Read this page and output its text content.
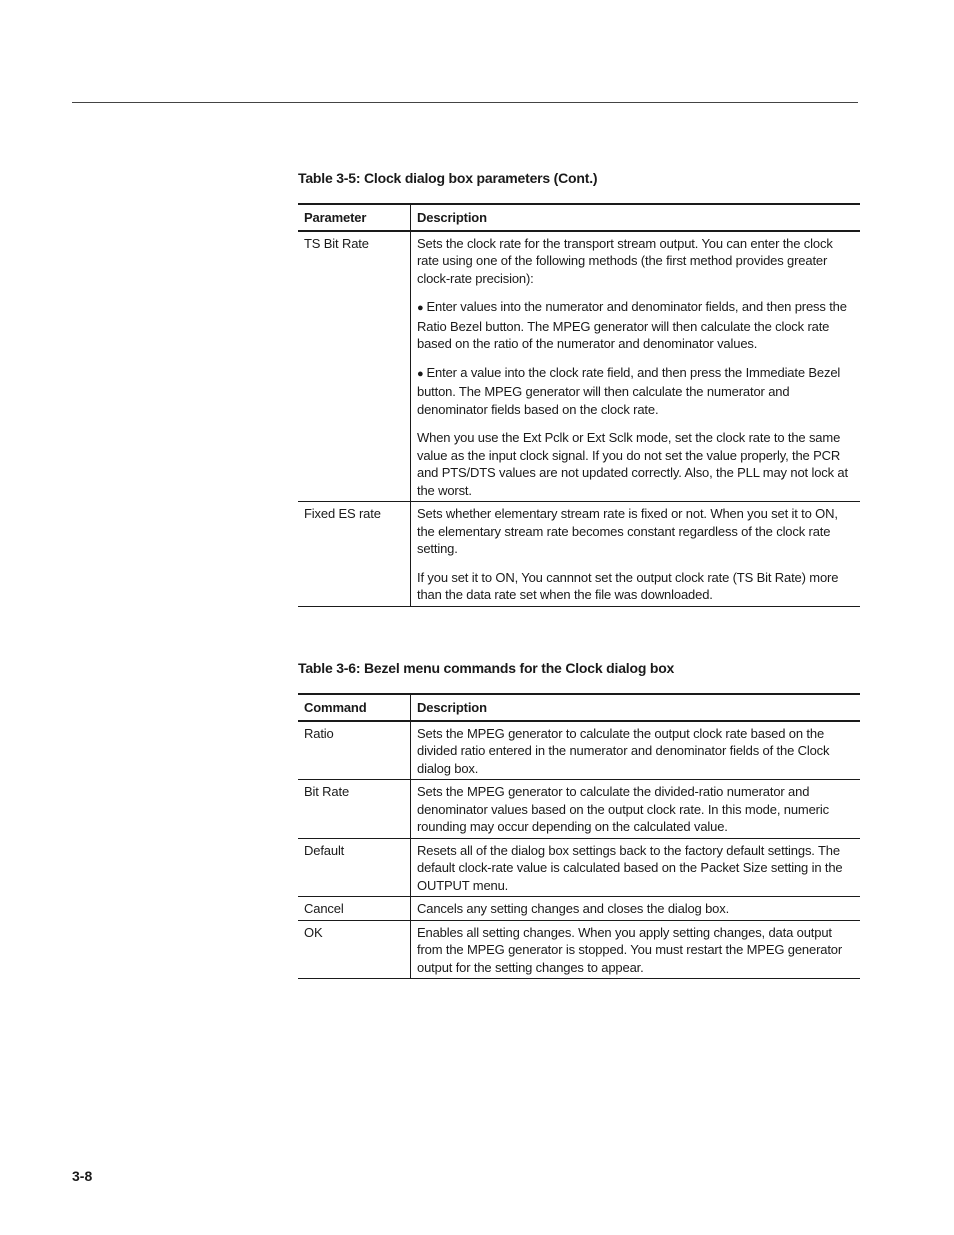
Table 3-5: Clock dialog box parameters (Cont.)
Parameter	Description
TS Bit Rate	Sets the clock rate for the transport stream output. You can enter the clock rate using one of the following methods (the first method provides greater clock-rate precision):

● Enter values into the numerator and denominator fields, and then press the Ratio Bezel button. The MPEG generator will then calculate the clock rate based on the ratio of the numerator and denominator values.

● Enter a value into the clock rate field, and then press the Immediate Bezel button. The MPEG generator will then calculate the numerator and denominator fields based on the clock rate.

When you use the Ext Pclk or Ext Sclk mode, set the clock rate to the same value as the input clock signal. If you do not set the value properly, the PCR and PTS/DTS values are not updated correctly. Also, the PLL may not lock at the worst.

Fixed ES rate	Sets whether elementary stream rate is fixed or not. When you set it to ON, the elementary stream rate becomes constant regardless of the clock rate setting.

If you set it to ON, You cannnot set the output clock rate (TS Bit Rate) more than the data rate set when the file was downloaded.

Table 3-6: Bezel menu commands for the Clock dialog box
Command	Description
Ratio	Sets the MPEG generator to calculate the output clock rate based on the divided ratio entered in the numerator and denominator fields of the Clock dialog box.
Bit Rate	Sets the MPEG generator to calculate the divided-ratio numerator and denominator values based on the output clock rate. In this mode, numeric rounding may occur depending on the calculated value.
Default	Resets all of the dialog box settings back to the factory default settings. The default clock-rate value is calculated based on the Packet Size setting in the OUTPUT menu.
Cancel	Cancels any setting changes and closes the dialog box.
OK	Enables all setting changes. When you apply setting changes, data output from the MPEG generator is stopped. You must restart the MPEG generator output for the setting changes to appear.
3-8
